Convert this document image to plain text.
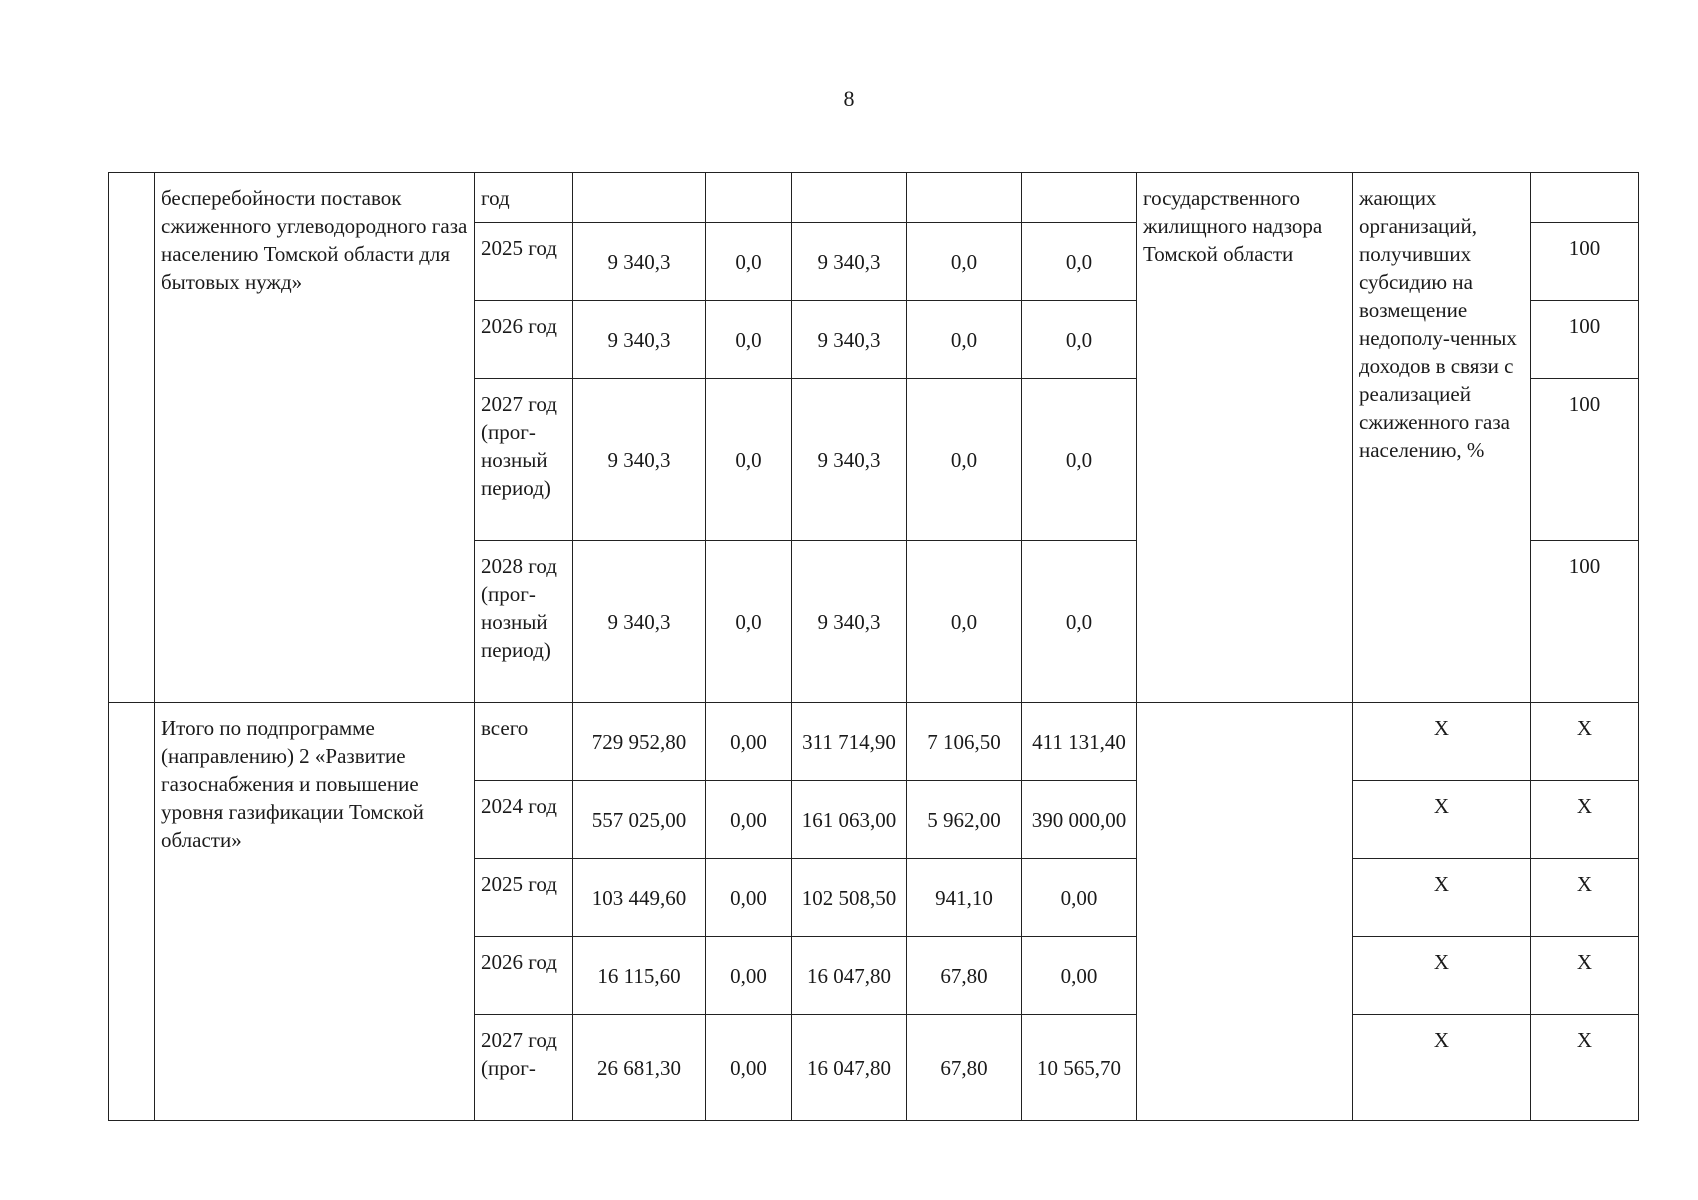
8
	бесперебойности поставок сжиженного углеводородного газа населению Томской области для бытовых нужд»	год						государственного жилищного надзора Томской области	жающих организаций, получивших субсидию на возмещение недополу-ченных доходов в связи с реализацией сжиженного газа населению, %	
		2025 год	9 340,3	0,0	9 340,3	0,0	0,0			100
		2026 год	9 340,3	0,0	9 340,3	0,0	0,0			100
		2027 год (прог-нозный период)	9 340,3	0,0	9 340,3	0,0	0,0			100
		2028 год (прог-нозный период)	9 340,3	0,0	9 340,3	0,0	0,0			100
	Итого по подпрограмме (направлению) 2 «Развитие газоснабжения и повышение уровня газификации Томской области»	всего	729 952,80	0,00	311 714,90	7 106,50	411 131,40		Х	Х
		2024 год	557 025,00	0,00	161 063,00	5 962,00	390 000,00		Х	Х
		2025 год	103 449,60	0,00	102 508,50	941,10	0,00		Х	Х
		2026 год	16 115,60	0,00	16 047,80	67,80	0,00		Х	Х
		2027 год (прог-	26 681,30	0,00	16 047,80	67,80	10 565,70		Х	Х
